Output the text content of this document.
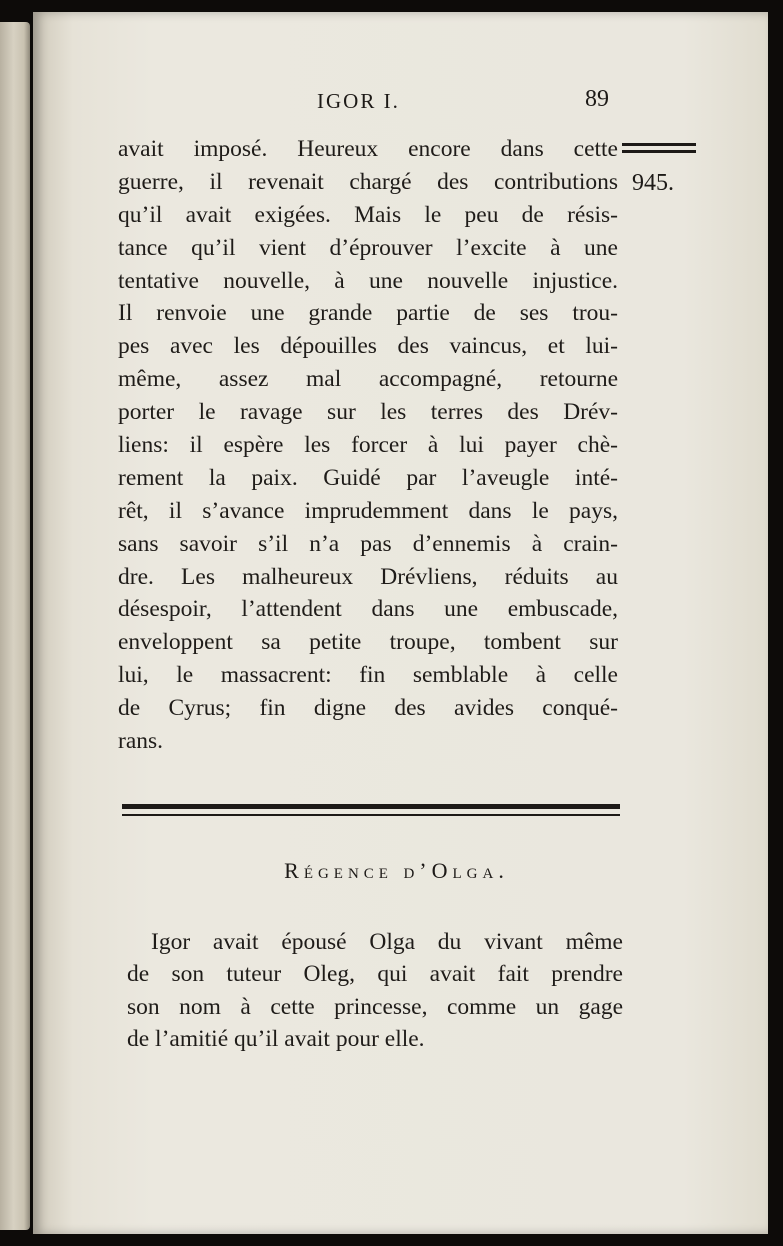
IGOR I.	89
945.
avait imposé. Heureux encore dans cette
guerre, il revenait chargé des contributions
qu’il avait exigées. Mais le peu de résis-
tance qu’il vient d’éprouver l’excite à une
tentative nouvelle, à une nouvelle injustice.
Il renvoie une grande partie de ses trou-
pes avec les dépouilles des vaincus, et lui-
même, assez mal accompagné, retourne
porter le ravage sur les terres des Drév-
liens: il espère les forcer à lui payer chè-
rement la paix. Guidé par l’aveugle inté-
rêt, il s’avance imprudemment dans le pays,
sans savoir s’il n’a pas d’ennemis à crain-
dre. Les malheureux Drévliens, réduits au
désespoir, l’attendent dans une embuscade,
enveloppent sa petite troupe, tombent sur
lui, le massacrent: fin semblable à celle
de Cyrus; fin digne des avides conqué-
rans.
Régence d’Olga.
Igor avait épousé Olga du vivant même
de son tuteur Oleg, qui avait fait prendre
son nom à cette princesse, comme un gage
de l’amitié qu’il avait pour elle.
